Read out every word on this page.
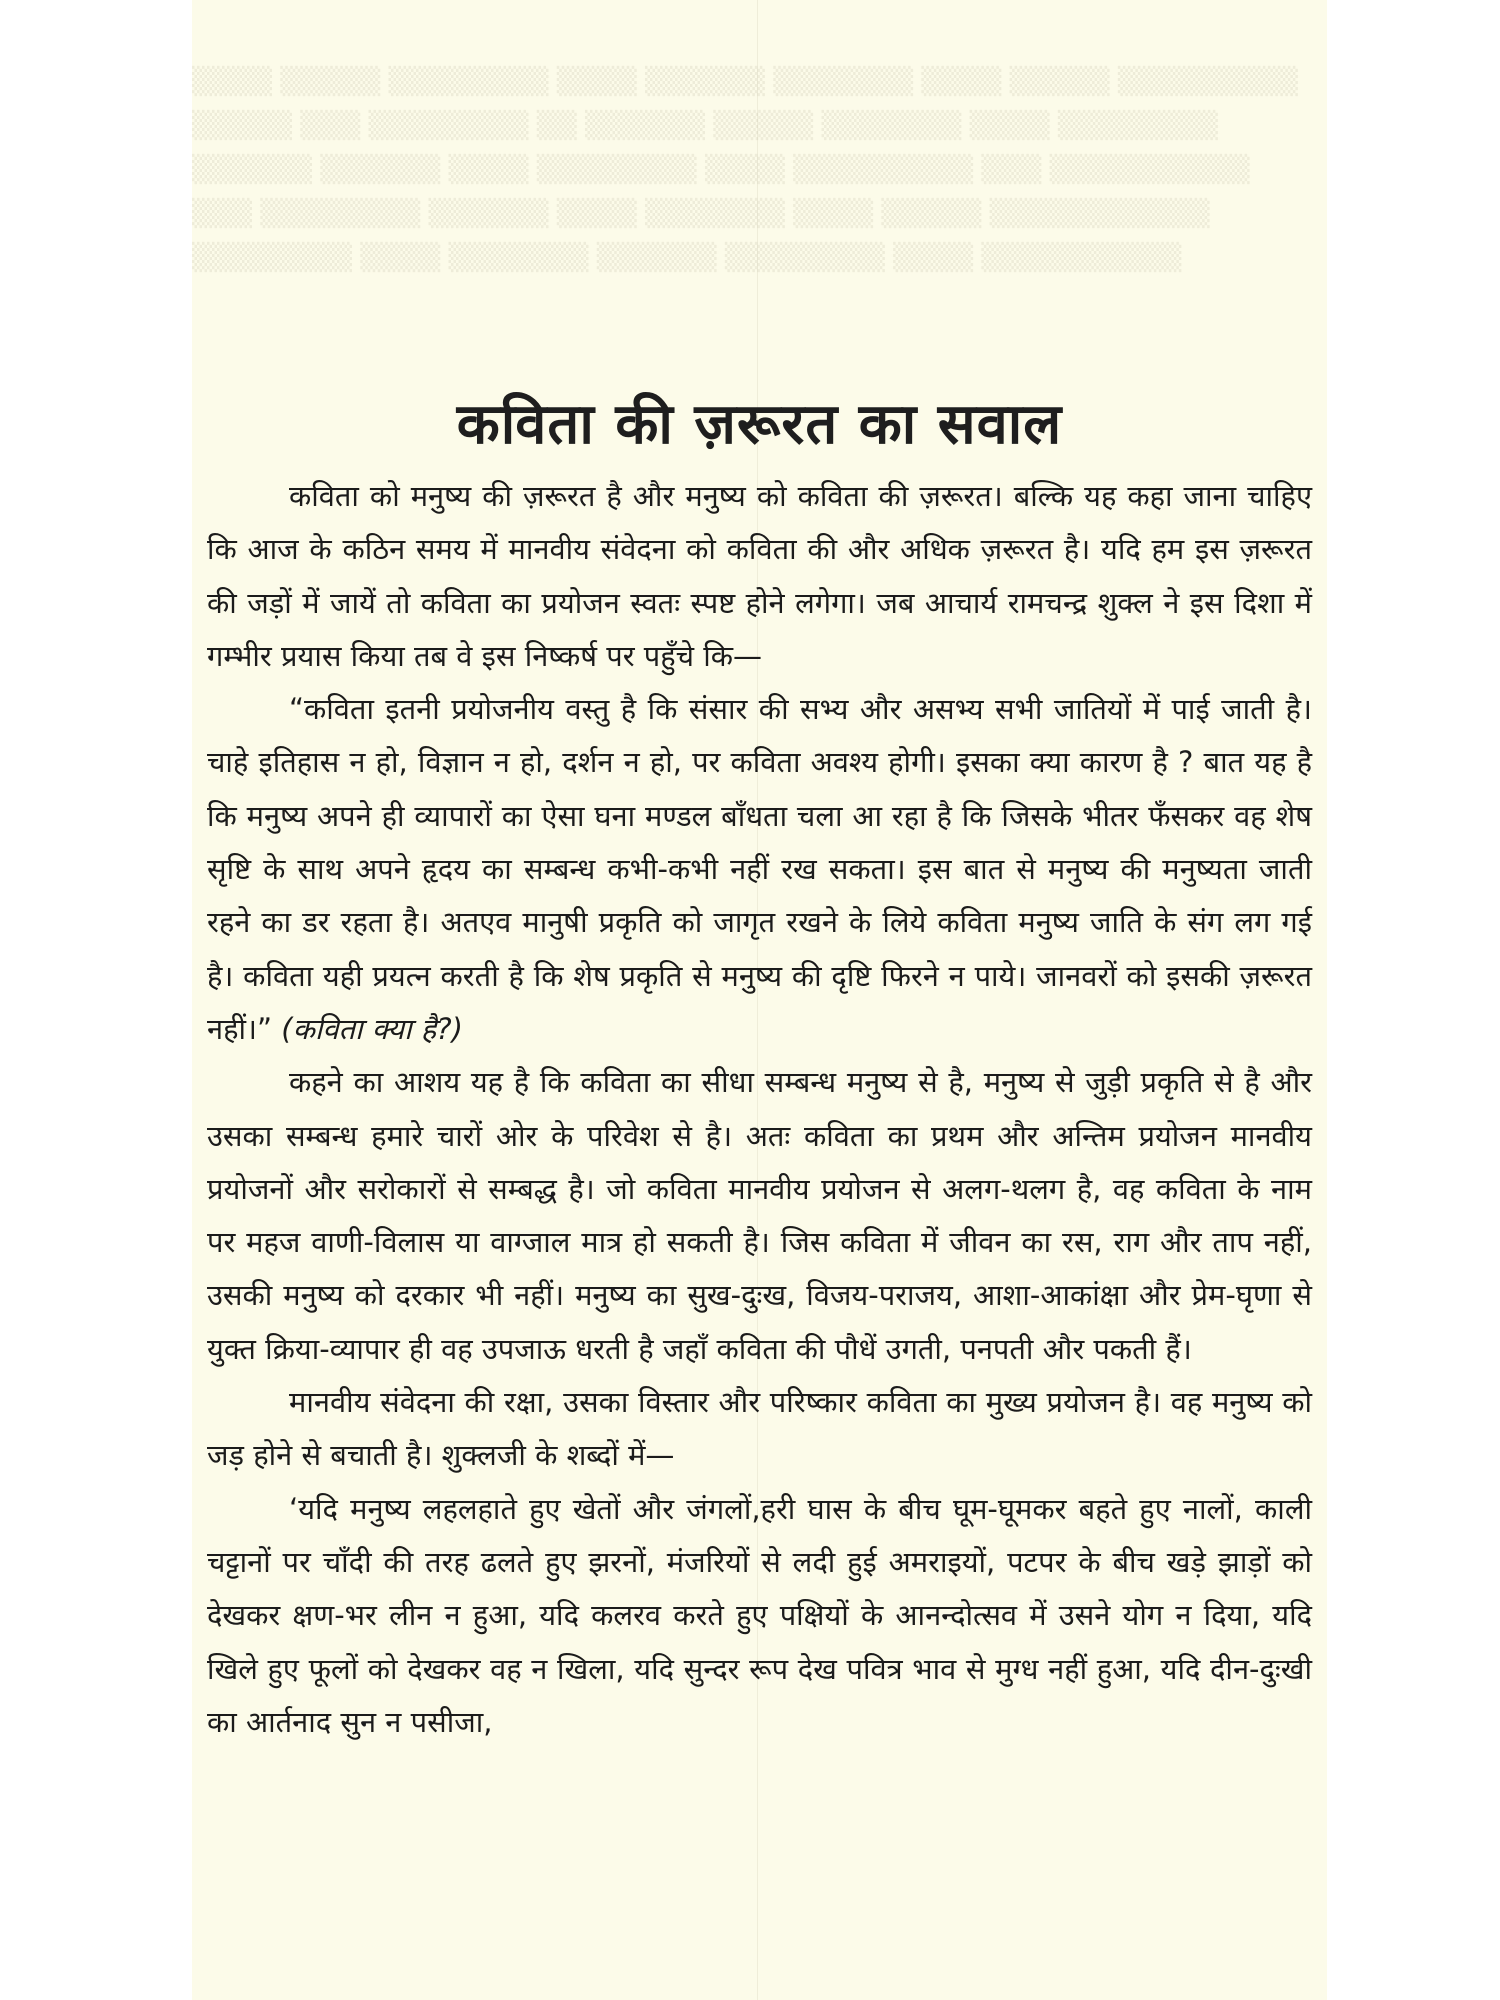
▒▒▒▒ ▒▒▒▒▒ ▒▒▒▒▒▒▒▒ ▒▒▒▒ ▒▒▒▒▒▒ ▒▒▒▒▒▒▒ ▒▒▒▒ ▒▒▒▒▒ ▒▒▒▒▒▒▒▒▒
▒▒▒▒▒ ▒▒▒ ▒▒▒▒▒▒▒▒ ▒▒ ▒▒▒▒▒▒ ▒▒▒▒▒ ▒▒▒▒▒▒▒ ▒▒▒▒ ▒▒▒▒▒▒▒▒
▒▒▒▒▒▒ ▒▒▒▒▒▒ ▒▒▒▒ ▒▒▒▒▒▒▒▒ ▒▒▒▒ ▒▒▒▒▒▒▒▒▒ ▒▒▒ ▒▒▒▒▒▒▒▒▒▒
▒▒▒ ▒▒▒▒▒▒▒▒ ▒▒▒▒▒▒ ▒▒▒▒ ▒▒▒▒▒▒▒ ▒▒▒▒ ▒▒▒▒▒ ▒▒▒▒▒▒▒▒▒▒▒
▒▒▒▒▒▒▒▒ ▒▒▒▒ ▒▒▒▒▒▒▒ ▒▒▒▒▒▒ ▒▒▒▒▒▒▒▒ ▒▒▒▒ ▒▒▒▒▒▒▒▒▒▒
कविता की ज़रूरत का सवाल

कविता को मनुष्य की ज़रूरत है और मनुष्य को कविता की ज़रूरत। बल्कि यह कहा जाना चाहिए कि आज के कठिन समय में मानवीय संवेदना को कविता की और अधिक ज़रूरत है। यदि हम इस ज़रूरत की जड़ों में जायें तो कविता का प्रयोजन स्वतः स्पष्ट होने लगेगा। जब आचार्य रामचन्द्र शुक्ल ने इस दिशा में गम्भीर प्रयास किया तब वे इस निष्कर्ष पर पहुँचे कि—

“कविता इतनी प्रयोजनीय वस्तु है कि संसार की सभ्य और असभ्य सभी जातियों में पाई जाती है। चाहे इतिहास न हो, विज्ञान न हो, दर्शन न हो, पर कविता अवश्य होगी। इसका क्या कारण है ? बात यह है कि मनुष्य अपने ही व्यापारों का ऐसा घना मण्डल बाँधता चला आ रहा है कि जिसके भीतर फँसकर वह शेष सृष्टि के साथ अपने हृदय का सम्बन्ध कभी-कभी नहीं रख सकता। इस बात से मनुष्य की मनुष्यता जाती रहने का डर रहता है। अतएव मानुषी प्रकृति को जागृत रखने के लिये कविता मनुष्य जाति के संग लग गई है। कविता यही प्रयत्न करती है कि शेष प्रकृति से मनुष्य की दृष्टि फिरने न पाये। जानवरों को इसकी ज़रूरत नहीं।” (कविता क्या है?)

कहने का आशय यह है कि कविता का सीधा सम्बन्ध मनुष्य से है, मनुष्य से जुड़ी प्रकृति से है और उसका सम्बन्ध हमारे चारों ओर के परिवेश से है। अतः कविता का प्रथम और अन्तिम प्रयोजन मानवीय प्रयोजनों और सरोकारों से सम्बद्ध है। जो कविता मानवीय प्रयोजन से अलग-थलग है, वह कविता के नाम पर महज वाणी-विलास या वाग्जाल मात्र हो सकती है। जिस कविता में जीवन का रस, राग और ताप नहीं, उसकी मनुष्य को दरकार भी नहीं। मनुष्य का सुख-दुःख, विजय-पराजय, आशा-आकांक्षा और प्रेम-घृणा से युक्त क्रिया-व्यापार ही वह उपजाऊ धरती है जहाँ कविता की पौधें उगती, पनपती और पकती हैं।

मानवीय संवेदना की रक्षा, उसका विस्तार और परिष्कार कविता का मुख्य प्रयोजन है। वह मनुष्य को जड़ होने से बचाती है। शुक्लजी के शब्दों में—

‘यदि मनुष्य लहलहाते हुए खेतों और जंगलों,हरी घास के बीच घूम-घूमकर बहते हुए नालों, काली चट्टानों पर चाँदी की तरह ढलते हुए झरनों, मंजरियों से लदी हुई अमराइयों, पटपर के बीच खड़े झाड़ों को देखकर क्षण-भर लीन न हुआ, यदि कलरव करते हुए पक्षियों के आनन्दोत्सव में उसने योग न दिया, यदि खिले हुए फूलों को देखकर वह न खिला, यदि सुन्दर रूप देख पवित्र भाव से मुग्ध नहीं हुआ, यदि दीन-दुःखी का आर्तनाद सुन न पसीजा,
